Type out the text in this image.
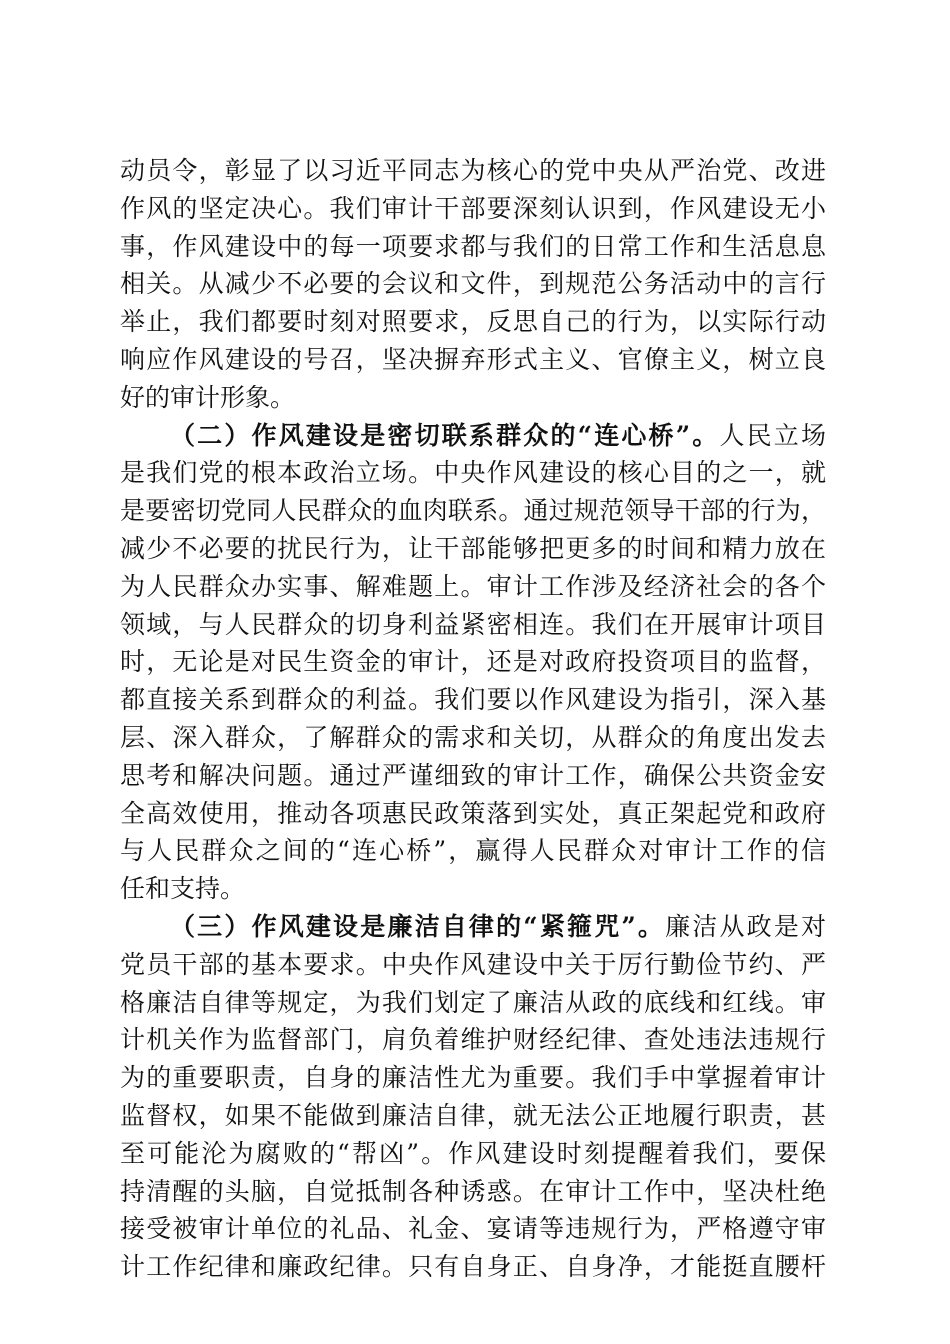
动员令，彰显了以习近平同志为核心的党中央从严治党、改进
作风的坚定决心。我们审计干部要深刻认识到，作风建设无小
事，作风建设中的每一项要求都与我们的日常工作和生活息息
相关。从减少不必要的会议和文件，到规范公务活动中的言行
举止，我们都要时刻对照要求，反思自己的行为，以实际行动
响应作风建设的号召，坚决摒弃形式主义、官僚主义，树立良
好的审计形象。
（二）作风建设是密切联系群众的“连心桥”。人民立场
是我们党的根本政治立场。中央作风建设的核心目的之一，就
是要密切党同人民群众的血肉联系。通过规范领导干部的行为，
减少不必要的扰民行为，让干部能够把更多的时间和精力放在
为人民群众办实事、解难题上。审计工作涉及经济社会的各个
领域，与人民群众的切身利益紧密相连。我们在开展审计项目
时，无论是对民生资金的审计，还是对政府投资项目的监督，
都直接关系到群众的利益。我们要以作风建设为指引，深入基
层、深入群众，了解群众的需求和关切，从群众的角度出发去
思考和解决问题。通过严谨细致的审计工作，确保公共资金安
全高效使用，推动各项惠民政策落到实处，真正架起党和政府
与人民群众之间的“连心桥”，赢得人民群众对审计工作的信
任和支持。
（三）作风建设是廉洁自律的“紧箍咒”。廉洁从政是对
党员干部的基本要求。中央作风建设中关于厉行勤俭节约、严
格廉洁自律等规定，为我们划定了廉洁从政的底线和红线。审
计机关作为监督部门，肩负着维护财经纪律、查处违法违规行
为的重要职责，自身的廉洁性尤为重要。我们手中掌握着审计
监督权，如果不能做到廉洁自律，就无法公正地履行职责，甚
至可能沦为腐败的“帮凶”。作风建设时刻提醒着我们，要保
持清醒的头脑，自觉抵制各种诱惑。在审计工作中，坚决杜绝
接受被审计单位的礼品、礼金、宴请等违规行为，严格遵守审
计工作纪律和廉政纪律。只有自身正、自身净，才能挺直腰杆
